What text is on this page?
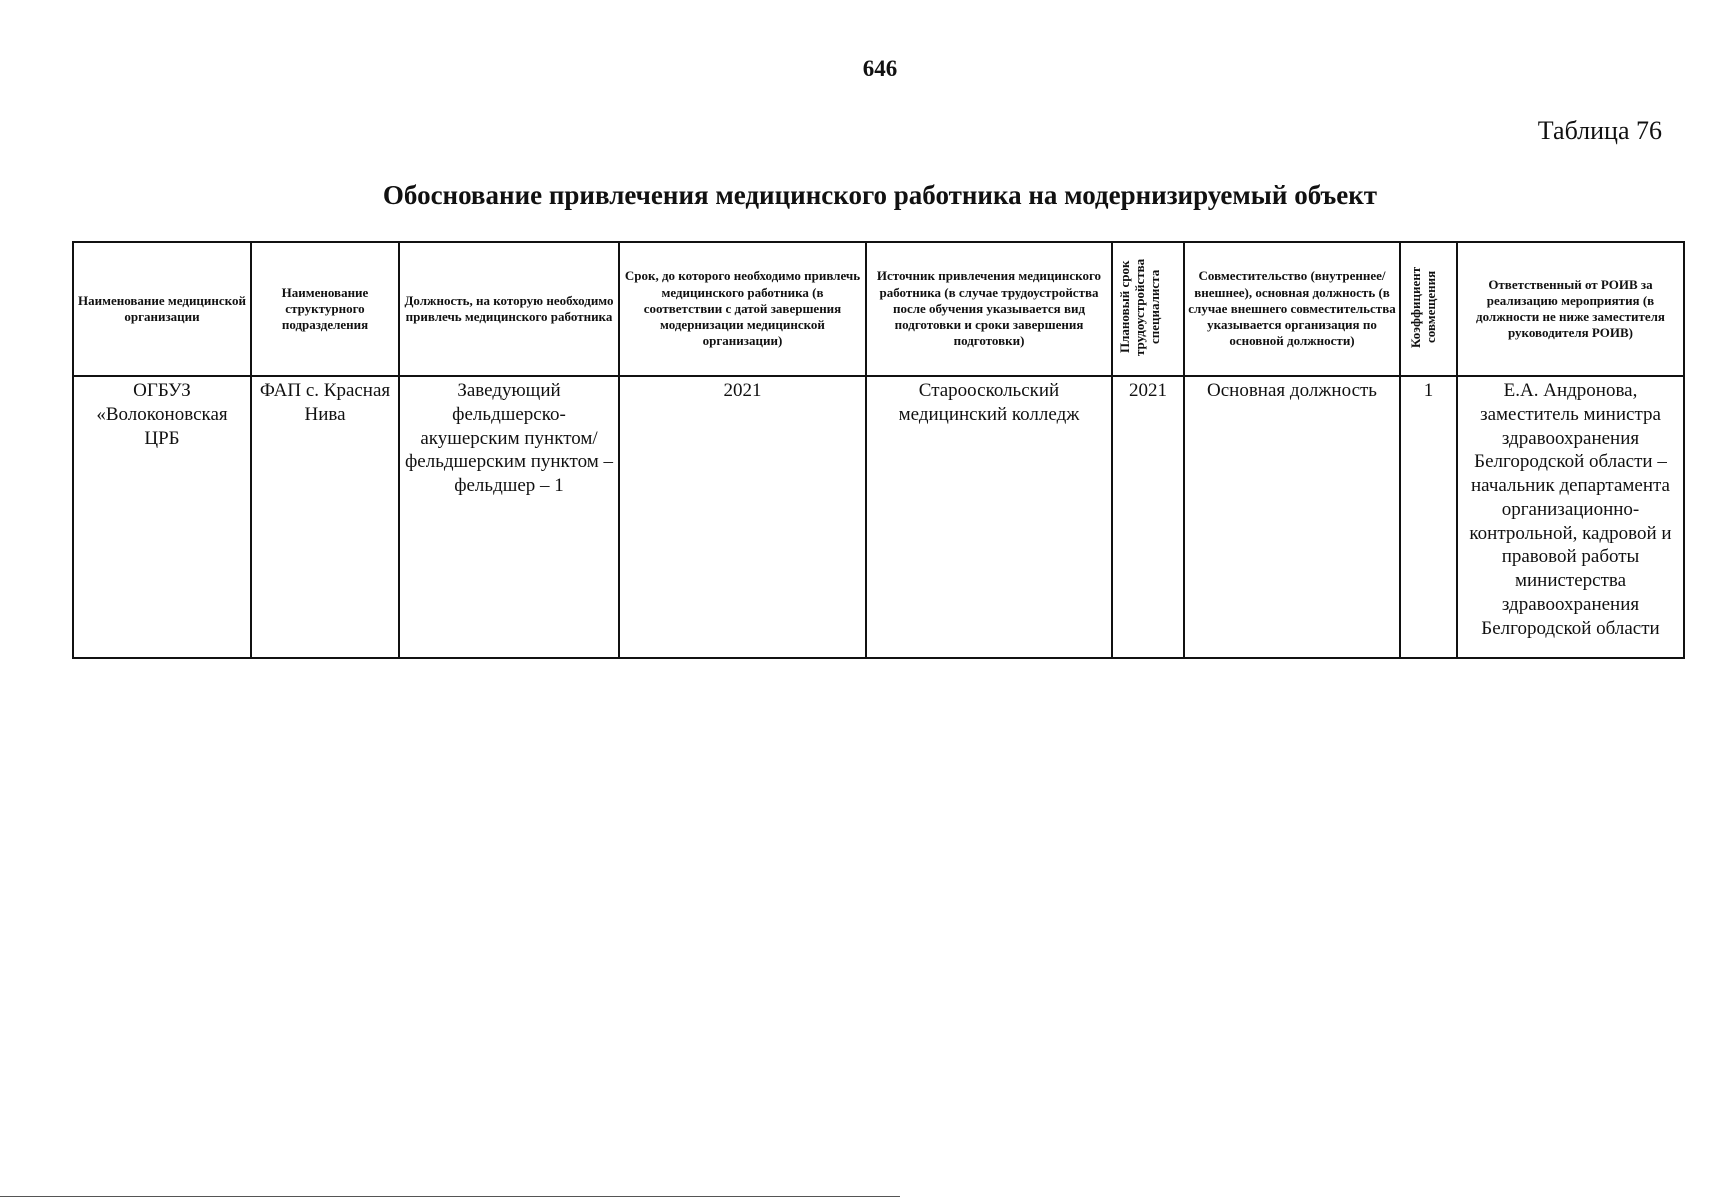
646
Таблица 76
Обоснование привлечения медицинского работника на модернизируемый объект
Наименование медицинской организации	Наименование структурного подразделения	Должность, на которую необходимо привлечь медицинского работника	Срок, до которого необходимо привлечь медицинского работника (в соответствии с датой завершения модернизации медицинской организации)	Источник привлечения медицинского работника (в случае трудоустройства после обучения указывается вид подготовки и сроки завершения подготовки)	Плановый срок трудоустройства специалиста	Совместительство (внутреннее/ внешнее), основная должность (в случае внешнего совместительства указывается организация по основной должности)	Коэффициент совмещения	Ответственный от РОИВ за реализацию мероприятия (в должности не ниже заместителя руководителя РОИВ)
ОГБУЗ «Волоконовская ЦРБ	ФАП с. Красная Нива	Заведующий фельдшерско-акушерским пунктом/фельдшерским пунктом – фельдшер – 1	2021	Старооскольский медицинский колледж	2021	Основная должность	1	Е.А. Андронова, заместитель министра здравоохранения Белгородской области – начальник департамента организационно-контрольной, кадровой и правовой работы министерства здравоохранения Белгородской области
